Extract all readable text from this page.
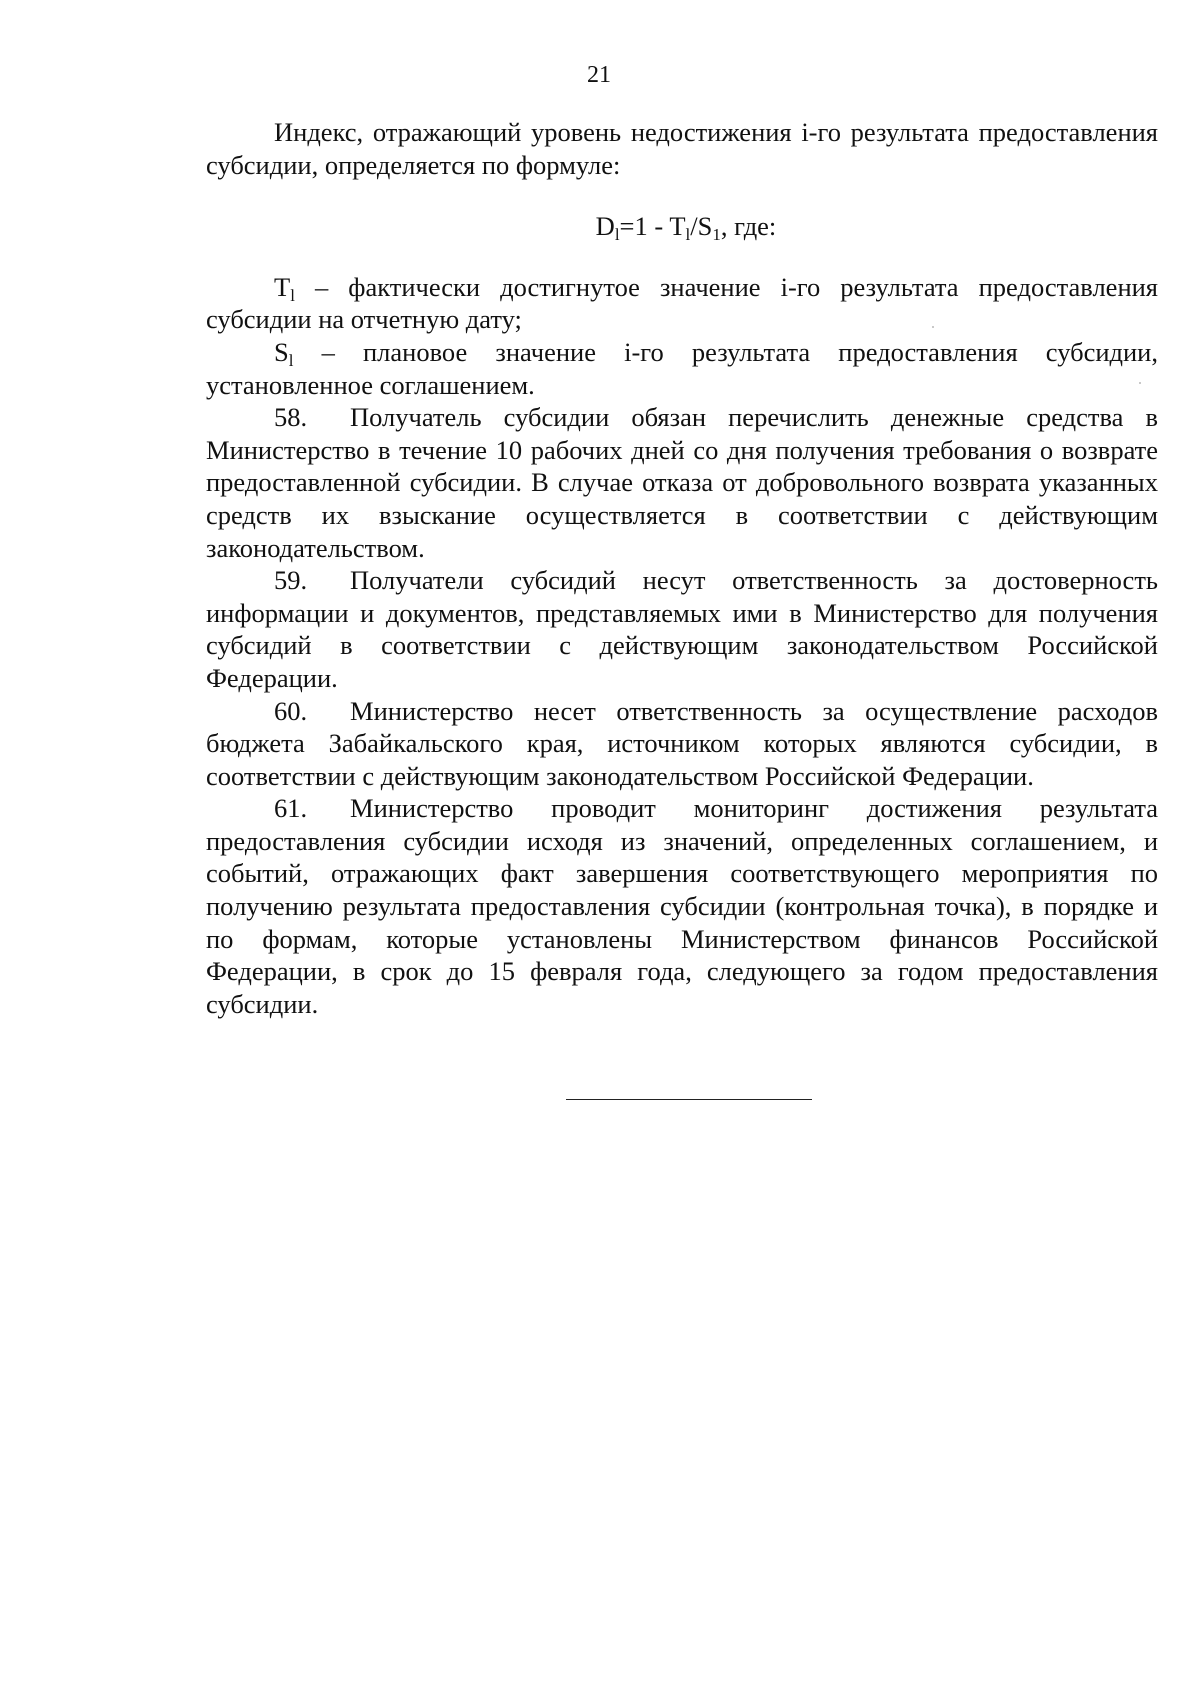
21

Индекс, отражающий уровень недостижения i-го результата предоставления субсидии, определяется по формуле:

$D_l=1 - T_l/S_1$, где:

$T_l$ – фактически достигнутое значение i-го результата предоставления субсидии на отчетную дату;

$S_l$ – плановое значение i-го результата предоставления субсидии, установленное соглашением.

58. Получатель субсидии обязан перечислить денежные средства в Министерство в течение 10 рабочих дней со дня получения требования о возврате предоставленной субсидии. В случае отказа от добровольного возврата указанных средств их взыскание осуществляется в соответствии с действующим законодательством.

59. Получатели субсидий несут ответственность за достоверность информации и документов, представляемых ими в Министерство для получения субсидий в соответствии с действующим законодательством Российской Федерации.

60. Министерство несет ответственность за осуществление расходов бюджета Забайкальского края, источником которых являются субсидии, в соответствии с действующим законодательством Российской Федерации.

61. Министерство проводит мониторинг достижения результата предоставления субсидии исходя из значений, определенных соглашением, и событий, отражающих факт завершения соответствующего мероприятия по получению результата предоставления субсидии (контрольная точка), в порядке и по формам, которые установлены Министерством финансов Российской Федерации, в срок до 15 февраля года, следующего за годом предоставления субсидии.
